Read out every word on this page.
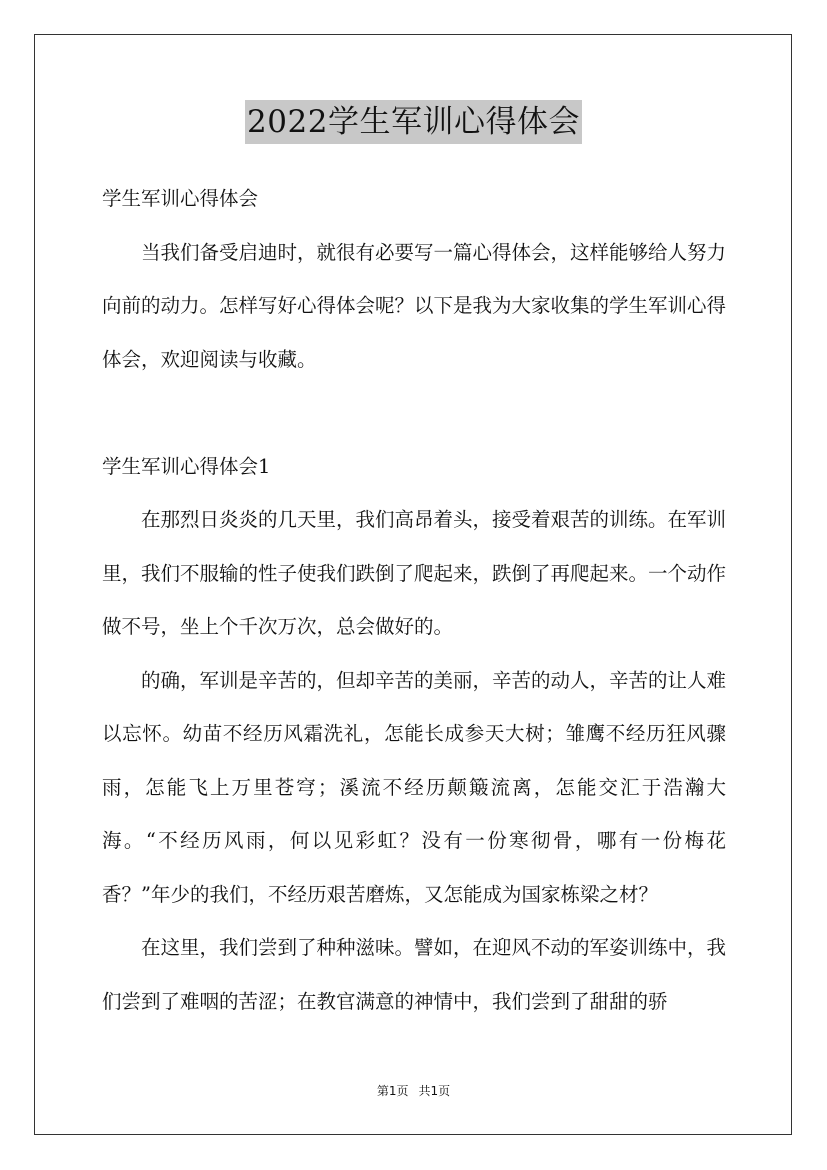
2022学生军训心得体会

学生军训心得体会

当我们备受启迪时，就很有必要写一篇心得体会，这样能够给人努力向前的动力。怎样写好心得体会呢？以下是我为大家收集的学生军训心得体会，欢迎阅读与收藏。

学生军训心得体会1

在那烈日炎炎的几天里，我们高昂着头，接受着艰苦的训练。在军训里，我们不服输的性子使我们跌倒了爬起来，跌倒了再爬起来。一个动作做不号，坐上个千次万次，总会做好的。

的确，军训是辛苦的，但却辛苦的美丽，辛苦的动人，辛苦的让人难以忘怀。幼苗不经历风霜洗礼，怎能长成参天大树；雏鹰不经历狂风骤雨，怎能飞上万里苍穹；溪流不经历颠簸流离，怎能交汇于浩瀚大海。“不经历风雨，何以见彩虹？没有一份寒彻骨，哪有一份梅花香？”年少的我们，不经历艰苦磨炼，又怎能成为国家栋梁之材？

在这里，我们尝到了种种滋味。譬如，在迎风不动的军姿训练中，我们尝到了难咽的苦涩；在教官满意的神情中，我们尝到了甜甜的骄

第1页 共1页
